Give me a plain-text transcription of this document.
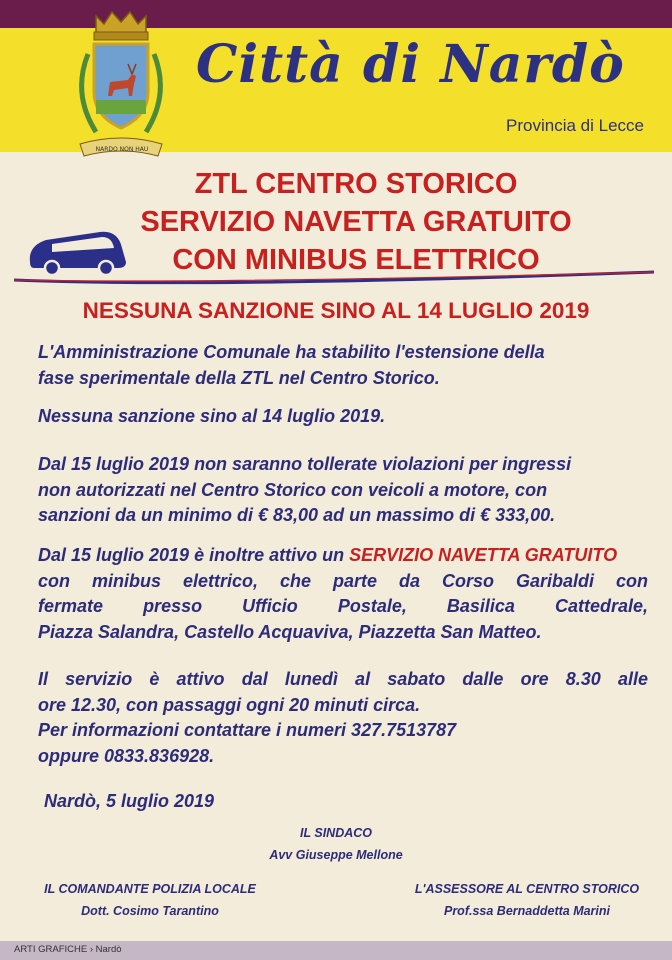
NARDO NON HAU
Città di Nardò
Provincia di Lecce
ZTL CENTRO STORICO
SERVIZIO NAVETTA GRATUITO
CON MINIBUS ELETTRICO
NESSUNA SANZIONE SINO AL 14 LUGLIO 2019
L'Amministrazione Comunale ha stabilito l'estensione della
fase sperimentale della ZTL nel Centro Storico.
Nessuna sanzione sino al 14 luglio 2019.
Dal 15 luglio 2019 non saranno tollerate violazioni per ingressi
non autorizzati nel Centro Storico con veicoli a motore, con
sanzioni da un minimo di € 83,00 ad un massimo di € 333,00.
Dal 15 luglio 2019 è inoltre attivo un SERVIZIO NAVETTA GRATUITO
con minibus elettrico, che parte da Corso Garibaldi con
fermate presso Ufficio Postale, Basilica Cattedrale,
Piazza Salandra, Castello Acquaviva, Piazzetta San Matteo.
Il servizio è attivo dal lunedì al sabato dalle ore 8.30 alle
ore 12.30, con passaggi ogni 20 minuti circa.
Per informazioni contattare i numeri 327.7513787
oppure 0833.836928.
Nardò, 5 luglio 2019
IL SINDACO
Avv Giuseppe Mellone
IL COMANDANTE POLIZIA LOCALE
Dott. Cosimo Tarantino
L'ASSESSORE AL CENTRO STORICO
Prof.ssa Bernaddetta Marini
ARTI GRAFICHE › Nardò
